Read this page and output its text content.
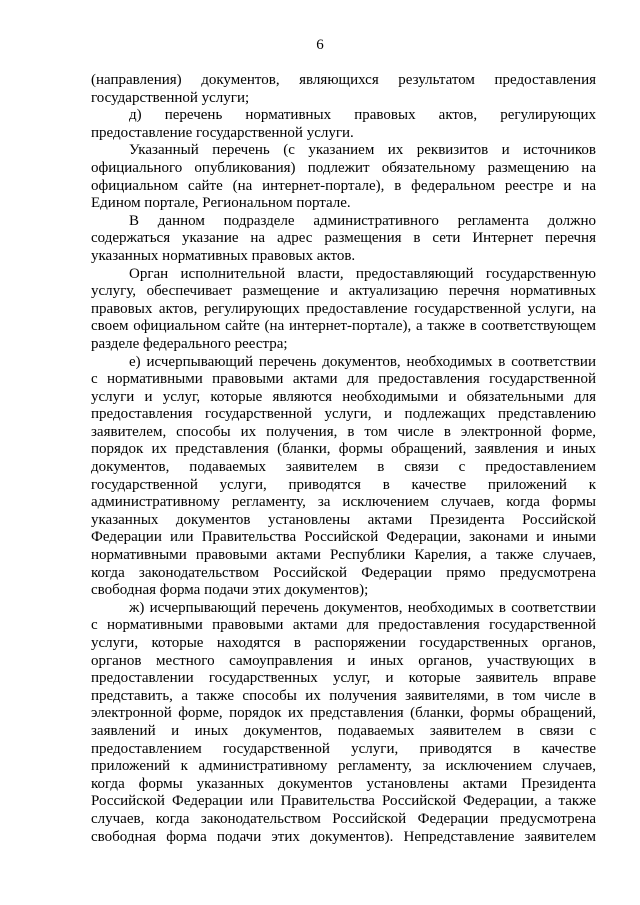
6
(направления) документов, являющихся результатом предоставления
государственной услуги;
д) перечень нормативных правовых актов, регулирующих
предоставление государственной услуги.
Указанный перечень (с указанием их реквизитов и источников
официального опубликования) подлежит обязательному размещению на
официальном сайте (на интернет-портале), в федеральном реестре и на
Едином портале, Региональном портале.
В данном подразделе административного регламента должно
содержаться указание на адрес размещения в сети Интернет перечня
указанных нормативных правовых актов.
Орган исполнительной власти, предоставляющий государственную
услугу, обеспечивает размещение и актуализацию перечня нормативных
правовых актов, регулирующих предоставление государственной услуги, на
своем официальном сайте (на интернет-портале), а также в соответствующем
разделе федерального реестра;
е) исчерпывающий перечень документов, необходимых в соответствии
с нормативными правовыми актами для предоставления государственной
услуги и услуг, которые являются необходимыми и обязательными для
предоставления государственной услуги, и подлежащих представлению
заявителем, способы их получения, в том числе в электронной форме,
порядок их представления (бланки, формы обращений, заявления и иных
документов, подаваемых заявителем в связи с предоставлением
государственной услуги, приводятся в качестве приложений к
административному регламенту, за исключением случаев, когда формы
указанных документов установлены актами Президента Российской
Федерации или Правительства Российской Федерации, законами и иными
нормативными правовыми актами Республики Карелия, а также случаев,
когда законодательством Российской Федерации прямо предусмотрена
свободная форма подачи этих документов);
ж) исчерпывающий перечень документов, необходимых в соответствии
с нормативными правовыми актами для предоставления государственной
услуги, которые находятся в распоряжении государственных органов,
органов местного самоуправления и иных органов, участвующих в
предоставлении государственных услуг, и которые заявитель вправе
представить, а также способы их получения заявителями, в том числе в
электронной форме, порядок их представления (бланки, формы обращений,
заявлений и иных документов, подаваемых заявителем в связи с
предоставлением государственной услуги, приводятся в качестве
приложений к административному регламенту, за исключением случаев,
когда формы указанных документов установлены актами Президента
Российской Федерации или Правительства Российской Федерации, а также
случаев, когда законодательством Российской Федерации предусмотрена
свободная форма подачи этих документов). Непредставление заявителем
